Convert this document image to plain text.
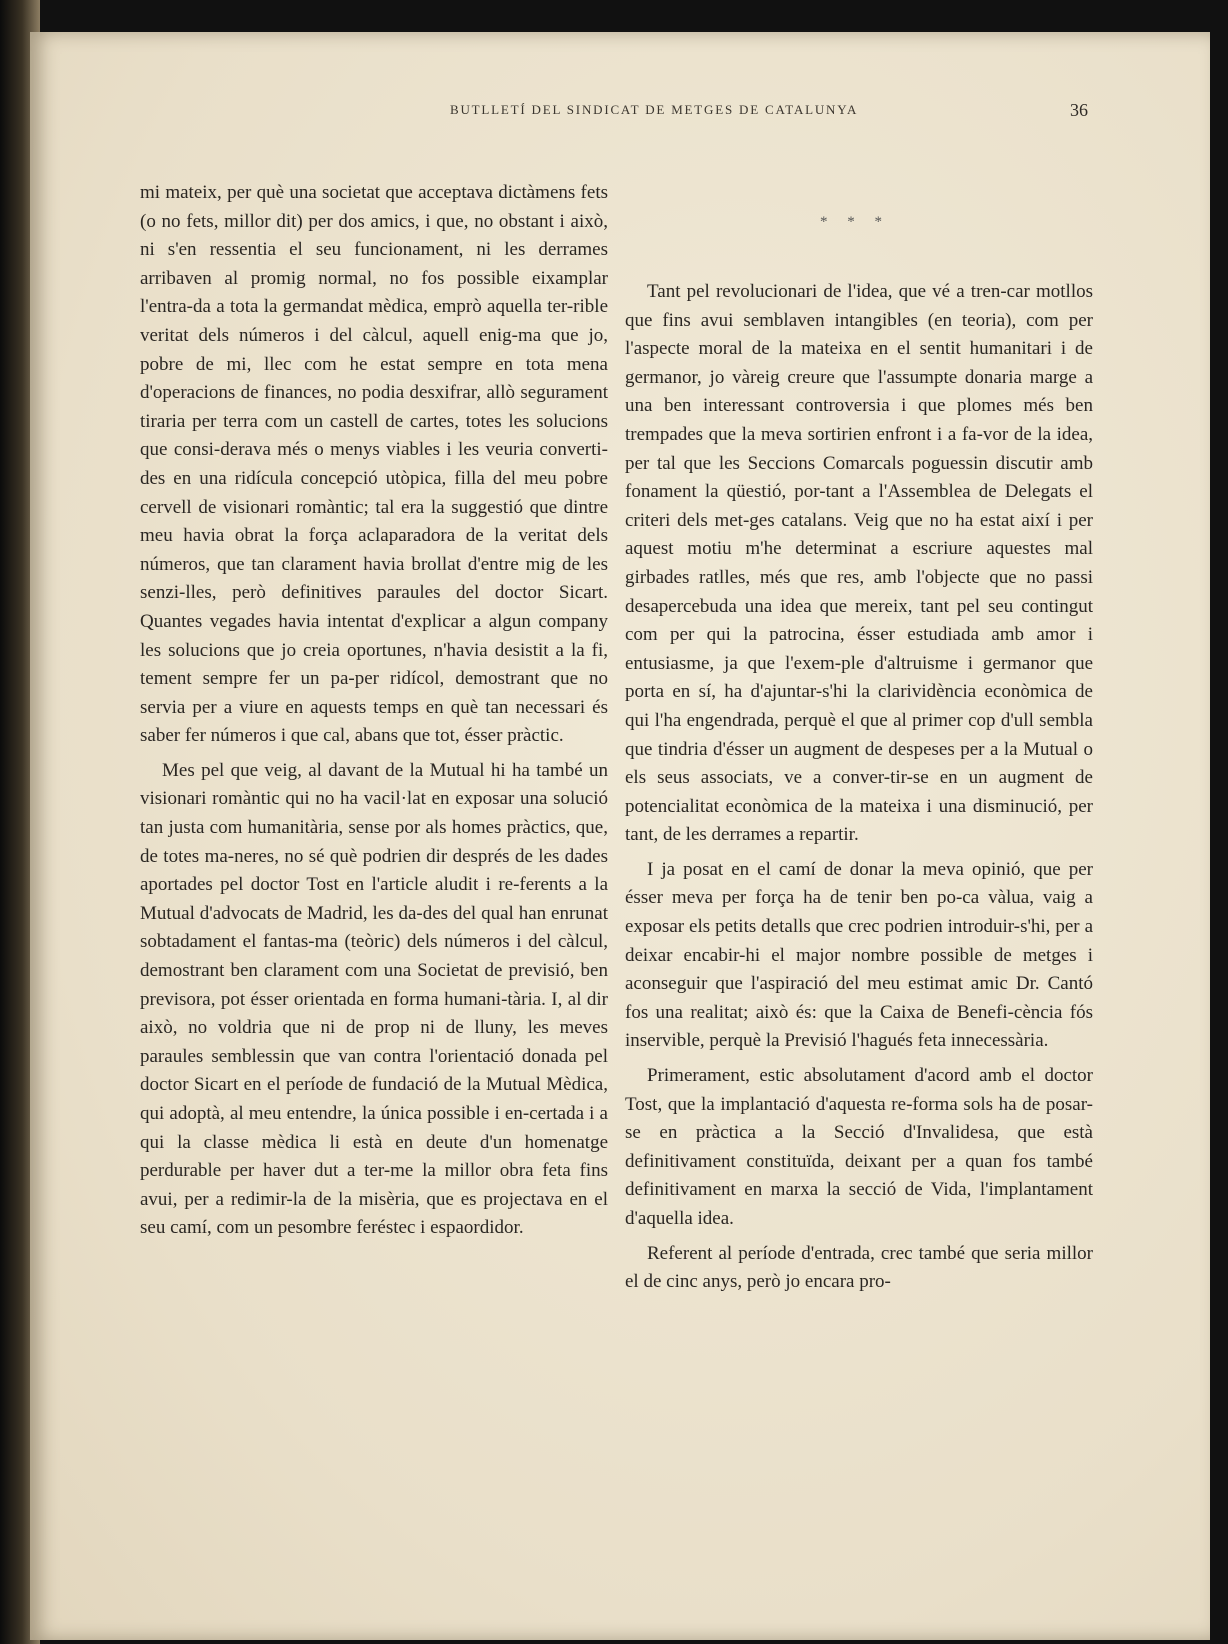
BUTLLETÍ DEL SINDICAT DE METGES DE CATALUNYA	36

mi mateix, per què una societat que acceptava dictàmens fets (o no fets, millor dit) per dos amics, i que, no obstant i això, ni s'en ressentia el seu funcionament, ni les derrames arribaven al promig normal, no fos possible eixamplar l'entra-da a tota la germandat mèdica, emprò aquella ter-rible veritat dels números i del càlcul, aquell enig-ma que jo, pobre de mi, llec com he estat sempre en tota mena d'operacions de finances, no podia desxifrar, allò segurament tiraria per terra com un castell de cartes, totes les solucions que consi-derava més o menys viables i les veuria converti-des en una ridícula concepció utòpica, filla del meu pobre cervell de visionari romàntic; tal era la suggestió que dintre meu havia obrat la força aclaparadora de la veritat dels números, que tan clarament havia brollat d'entre mig de les senzi-lles, però definitives paraules del doctor Sicart. Quantes vegades havia intentat d'explicar a algun company les solucions que jo creia oportunes, n'havia desistit a la fi, tement sempre fer un pa-per ridícol, demostrant que no servia per a viure en aquests temps en què tan necessari és saber fer números i que cal, abans que tot, ésser pràctic.

Mes pel que veig, al davant de la Mutual hi ha també un visionari romàntic qui no ha vacil·lat en exposar una solució tan justa com humanitària, sense por als homes pràctics, que, de totes ma-neres, no sé què podrien dir després de les dades aportades pel doctor Tost en l'article aludit i re-ferents a la Mutual d'advocats de Madrid, les da-des del qual han enrunat sobtadament el fantas-ma (teòric) dels números i del càlcul, demostrant ben clarament com una Societat de previsió, ben previsora, pot ésser orientada en forma humani-tària. I, al dir això, no voldria que ni de prop ni de lluny, les meves paraules semblessin que van contra l'orientació donada pel doctor Sicart en el període de fundació de la Mutual Mèdica, qui adoptà, al meu entendre, la única possible i en-certada i a qui la classe mèdica li està en deute d'un homenatge perdurable per haver dut a ter-me la millor obra feta fins avui, per a redimir-la de la misèria, que es projectava en el seu camí, com un pesombre feréstec i espaordidor.

* * *

Tant pel revolucionari de l'idea, que vé a tren-car motllos que fins avui semblaven intangibles (en teoria), com per l'aspecte moral de la mateixa en el sentit humanitari i de germanor, jo vàreig creure que l'assumpte donaria marge a una ben interessant controversia i que plomes més ben trempades que la meva sortirien enfront i a fa-vor de la idea, per tal que les Seccions Comarcals poguessin discutir amb fonament la qüestió, por-tant a l'Assemblea de Delegats el criteri dels met-ges catalans. Veig que no ha estat així i per aquest motiu m'he determinat a escriure aquestes mal girbades ratlles, més que res, amb l'objecte que no passi desapercebuda una idea que mereix, tant pel seu contingut com per qui la patrocina, ésser estudiada amb amor i entusiasme, ja que l'exem-ple d'altruisme i germanor que porta en sí, ha d'ajuntar-s'hi la clarividència econòmica de qui l'ha engendrada, perquè el que al primer cop d'ull sembla que tindria d'ésser un augment de despeses per a la Mutual o els seus associats, ve a conver-tir-se en un augment de potencialitat econòmica de la mateixa i una disminució, per tant, de les derrames a repartir.

I ja posat en el camí de donar la meva opinió, que per ésser meva per força ha de tenir ben po-ca vàlua, vaig a exposar els petits detalls que crec podrien introduir-s'hi, per a deixar encabir-hi el major nombre possible de metges i aconseguir que l'aspiració del meu estimat amic Dr. Cantó fos una realitat; això és: que la Caixa de Benefi-cència fós inservible, perquè la Previsió l'hagués feta innecessària.

Primerament, estic absolutament d'acord amb el doctor Tost, que la implantació d'aquesta re-forma sols ha de posar-se en pràctica a la Secció d'Invalidesa, que està definitivament constituïda, deixant per a quan fos també definitivament en marxa la secció de Vida, l'implantament d'aquella idea.

Referent al període d'entrada, crec també que seria millor el de cinc anys, però jo encara pro-
